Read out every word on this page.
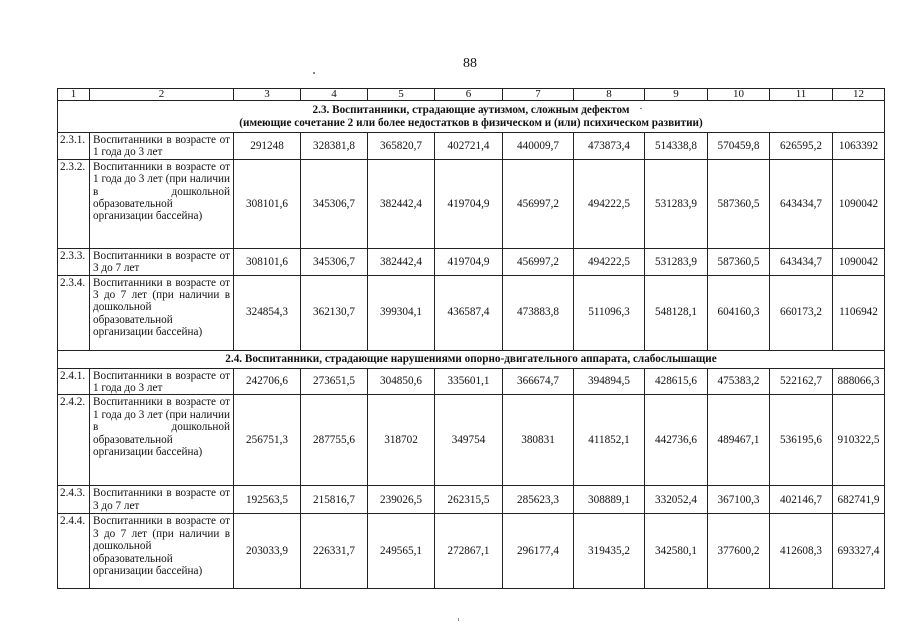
88
1	2	3	4	5	6	7	8	9	10	11	12

2.3. Воспитанники, страдающие аутизмом, сложным дефектом
(имеющие сочетание 2 или более недостатков в физическом и (или) психическом развитии)											

2.3.1.	Воспитанники в возрасте от 1 года до 3 лет	291248	328381,8	365820,7	402721,4	440009,7	473873,4	514338,8	570459,8	626595,2	1063392
2.3.2.	Воспитанники в возрасте от 1 года до 3 лет (при наличии в дошкольной образовательной организации бассейна)	308101,6	345306,7	382442,4	419704,9	456997,2	494222,5	531283,9	587360,5	643434,7	1090042
2.3.3.	Воспитанники в возрасте от 3 до 7 лет	308101,6	345306,7	382442,4	419704,9	456997,2	494222,5	531283,9	587360,5	643434,7	1090042
2.3.4.	Воспитанники в возрасте от 3 до 7 лет (при наличии в дошкольной образовательной организации бассейна)	324854,3	362130,7	399304,1	436587,4	473883,8	511096,3	548128,1	604160,3	660173,2	1106942

2.4. Воспитанники, страдающие нарушениями опорно-двигательного аппарата, слабослышащие											

2.4.1.	Воспитанники в возрасте от 1 года до 3 лет	242706,6	273651,5	304850,6	335601,1	366674,7	394894,5	428615,6	475383,2	522162,7	888066,3
2.4.2.	Воспитанники в возрасте от 1 года до 3 лет (при наличии в дошкольной образовательной организации бассейна)	256751,3	287755,6	318702	349754	380831	411852,1	442736,6	489467,1	536195,6	910322,5
2.4.3.	Воспитанники в возрасте от 3 до 7 лет	192563,5	215816,7	239026,5	262315,5	285623,3	308889,1	332052,4	367100,3	402146,7	682741,9
2.4.4.	Воспитанники в возрасте от 3 до 7 лет (при наличии в дошкольной образовательной организации бассейна)	203033,9	226331,7	249565,1	272867,1	296177,4	319435,2	342580,1	377600,2	412608,3	693327,4
